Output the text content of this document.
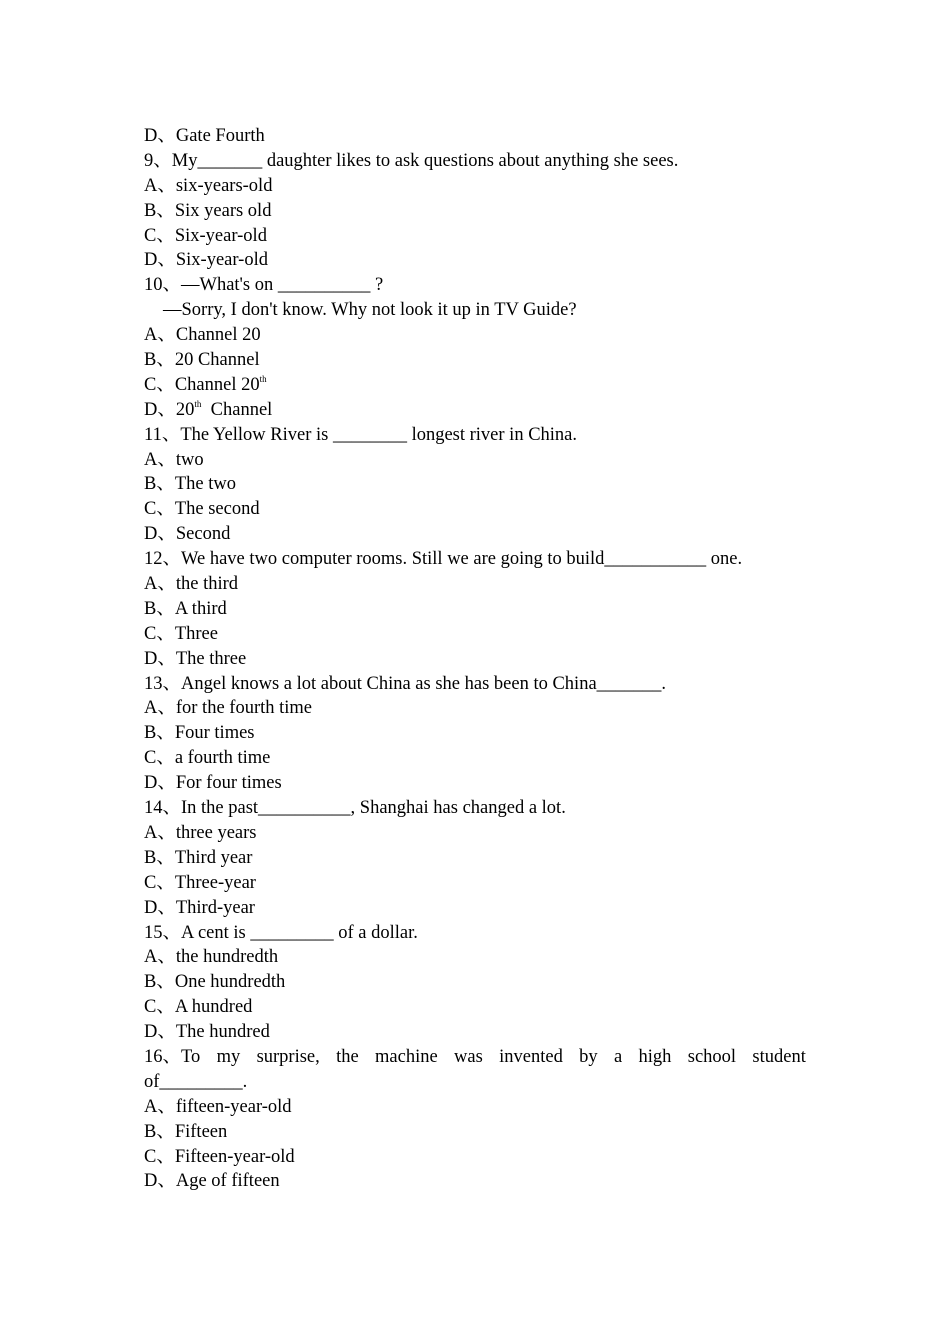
D、Gate Fourth
9、My_______ daughter likes to ask questions about anything she sees.
A、six-years-old
B、Six years old
C、Six-year-old
D、Six-year-old
10、—What's on __________ ?
—Sorry, I don't know. Why not look it up in TV Guide?
A、Channel 20
B、20 Channel
C、Channel 20th
D、20th  Channel
11、The Yellow River is ________ longest river in China.
A、two
B、The two
C、The second
D、Second
12、We have two computer rooms. Still we are going to build___________ one.
A、the third
B、A third
C、Three
D、The three
13、Angel knows a lot about China as she has been to China_______.
A、for the fourth time
B、Four times
C、a fourth time
D、For four times
14、In the past__________, Shanghai has changed a lot.
A、three years
B、Third year
C、Three-year
D、Third-year
15、A cent is _________ of a dollar.
A、the hundredth
B、One hundredth
C、A hundred
D、The hundred
16、To my surprise, the machine was invented by a high school student
of_________.
A、fifteen-year-old
B、Fifteen
C、Fifteen-year-old
D、Age of fifteen
